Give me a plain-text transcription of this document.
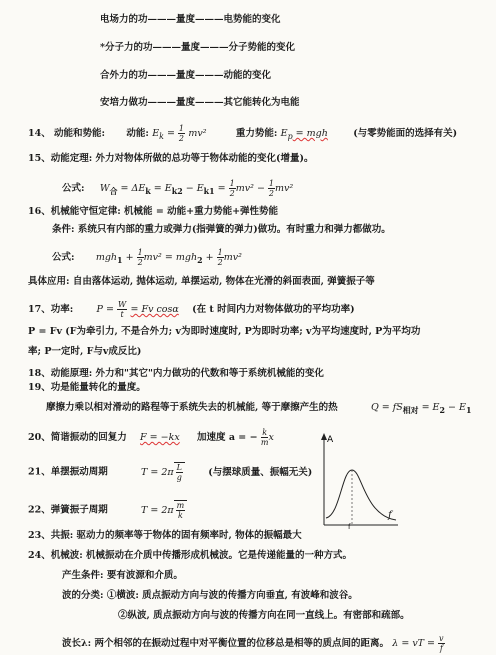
电场力的功———量度———电势能的变化
*分子力的功———量度———分子势能的变化
合外力的功———量度———动能的变化
安培力做功———量度———其它能转化为电能
14、 动能和势能: 动能: $E_k = \frac{1}{2} mv^2$	重力势能: $E_p$ = mgh	(与零势能面的选择有关)
15、动能定理: 外力对物体所做的总功等于物体动能的变化(增量)。
公式: $W_合 = \Delta E_k = E_{k2} - E_{k1} = \frac{1}{2} mv^2 - \frac{1}{2} mv^2$
16、机械能守恒定律: 机械能 = 动能+重力势能+弹性势能
条件: 系统只有内部的重力或弹力(指弹簧的弹力)做功。有时重力和弹力都做功。
公式: $mgh_1 + \frac{1}{2} mv^2 = mgh_2 + \frac{1}{2} mv^2$
具体应用: 自由落体运动, 抛体运动, 单摆运动, 物体在光滑的斜面表面, 弹簧振子等
17、功率: $P = \frac{W}{t} = Fv$ cosα (在 t 时间内力对物体做功的平均功率)
P = Fv (F为牵引力, 不是合外力; v为即时速度时, P为即时功率; v为平均速度时, P为平均功
率; P一定时, F与v成反比)
18、动能原理: 外力和"其它"内力做功的代数和等于系统机械能的变化
19、功是能量转化的量度。
摩擦力乘以相对滑动的路程等于系统失去的机械能, 等于摩擦产生的热	$Q = fS_{相对} = E_2 - E_1$
20、简谐振动的回复力 F = −kx 加速度 a = − $\frac{k}{m}$ x
21、单摆振动周期	$T = 2\pi \frac{L}{g}$	(与摆球质量、振幅无关)
22、弹簧振子周期	$T = 2\pi \frac{m}{k}$
A
f
f
23、共振: 驱动力的频率等于物体的固有频率时, 物体的振幅最大
24、机械波: 机械振动在介质中传播形成机械波。它是传递能量的一种方式。
产生条件: 要有波源和介质。
波的分类: ①横波: 质点振动方向与波的传播方向垂直, 有波峰和波谷。
②纵波, 质点振动方向与波的传播方向在同一直线上。有密部和疏部。
波长λ: 两个相邻的在振动过程中对平衡位置的位移总是相等的质点间的距离。 λ = vT = $\frac{v}{f}$
